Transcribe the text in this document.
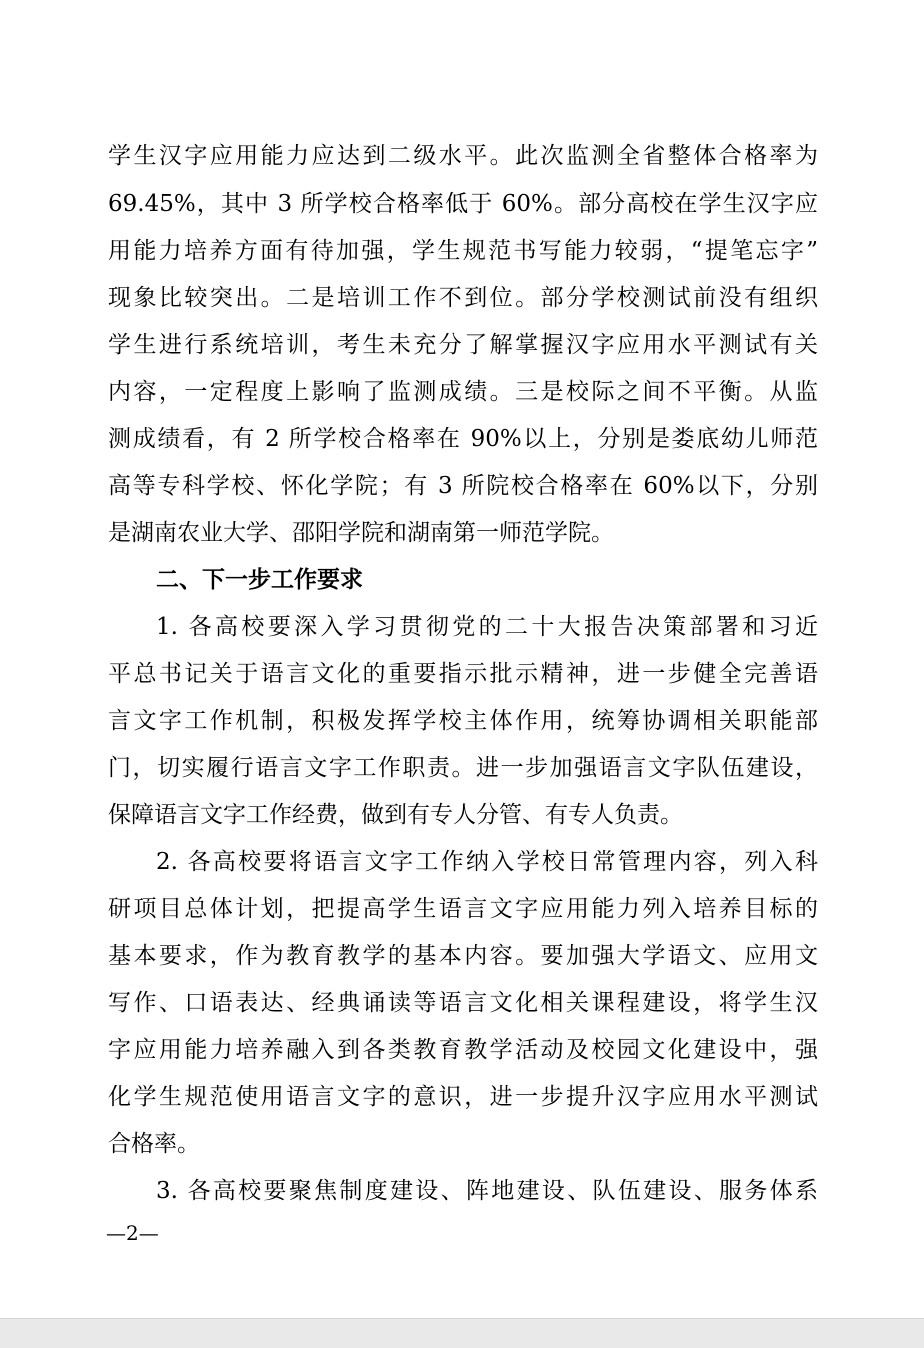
学生汉字应用能力应达到二级水平。此次监测全省整体合格率为
69.45%，其中 3 所学校合格率低于 60%。部分高校在学生汉字应
用能力培养方面有待加强，学生规范书写能力较弱，“提笔忘字”
现象比较突出。二是培训工作不到位。部分学校测试前没有组织
学生进行系统培训，考生未充分了解掌握汉字应用水平测试有关
内容，一定程度上影响了监测成绩。三是校际之间不平衡。从监
测成绩看，有 2 所学校合格率在 90%以上，分别是娄底幼儿师范
高等专科学校、怀化学院；有 3 所院校合格率在 60%以下，分别
是湖南农业大学、邵阳学院和湖南第一师范学院。
二、下一步工作要求
1. 各高校要深入学习贯彻党的二十大报告决策部署和习近
平总书记关于语言文化的重要指示批示精神，进一步健全完善语
言文字工作机制，积极发挥学校主体作用，统筹协调相关职能部
门，切实履行语言文字工作职责。进一步加强语言文字队伍建设，
保障语言文字工作经费，做到有专人分管、有专人负责。
2. 各高校要将语言文字工作纳入学校日常管理内容，列入科
研项目总体计划，把提高学生语言文字应用能力列入培养目标的
基本要求，作为教育教学的基本内容。要加强大学语文、应用文
写作、口语表达、经典诵读等语言文化相关课程建设，将学生汉
字应用能力培养融入到各类教育教学活动及校园文化建设中，强
化学生规范使用语言文字的意识，进一步提升汉字应用水平测试
合格率。
3. 各高校要聚焦制度建设、阵地建设、队伍建设、服务体系
—2—
